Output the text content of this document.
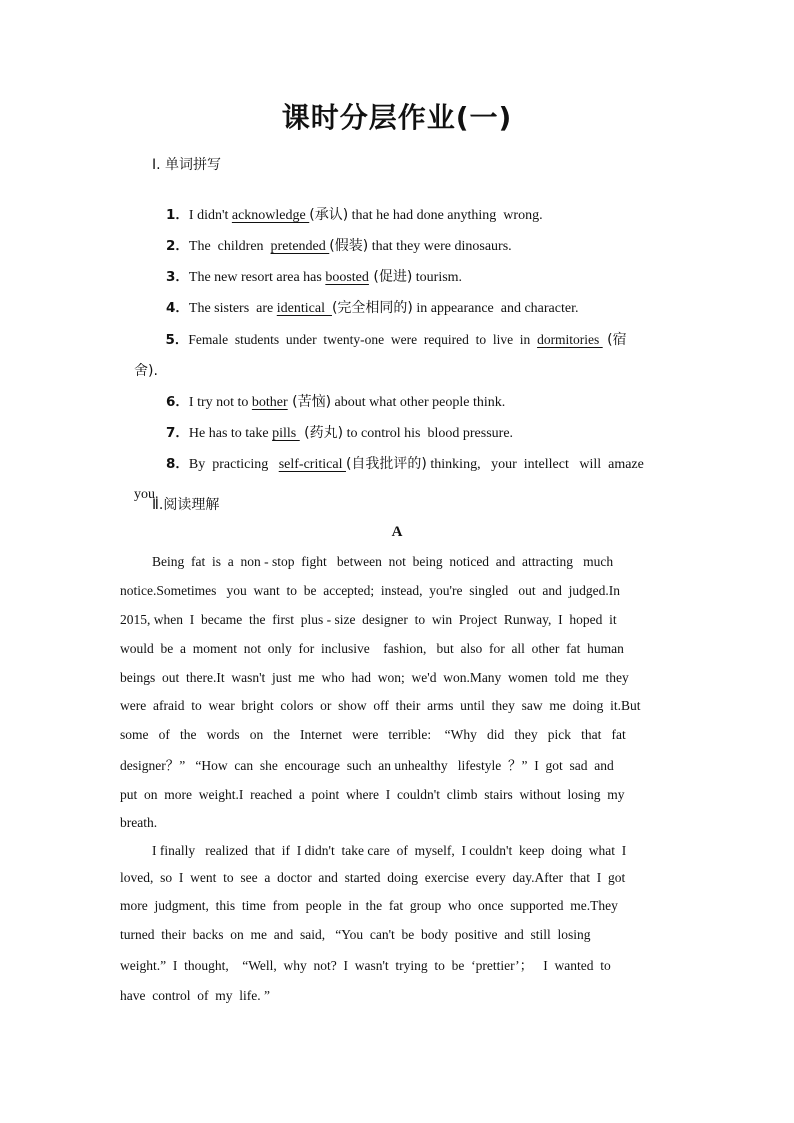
课时分层作业(一)
Ⅰ. 单词拼写

1．I didn't acknowledge (承认) that he had done anything  wrong.

2．The  children  pretended (假装) that they were dinosaurs.

3．The new resort area has boosted (促进) tourism.

4．The sisters  are identical  (完全相同的) in appearance  and character.

5．Female  students  under  twenty-one  were  required  to  live  in  dormitories  (宿

舍).

6．I try not to bother (苦恼) about what other people think.

7．He has to take pills  (药丸) to control his  blood pressure.

8．By  practicing   self-critical (自我批评的) thinking,   your  intellect   will  amaze

you.

Ⅱ.阅读理解
A
Being  fat  is  a  non - stop  fight   between  not  being  noticed  and  attracting   much
notice.Sometimes   you  want  to  be  accepted;  instead,  you're  singled   out  and  judged.In
2015, when  I  became  the  first  plus - size  designer  to  win  Project  Runway,  I  hoped  it
would  be  a  moment  not  only  for  inclusive    fashion,   but  also  for  all  other  fat  human
beings  out  there.It  wasn't  just  me  who  had  won;  we'd  won.Many  women  told  me  they
were  afraid  to  wear  bright  colors  or  show  off  their  arms  until  they  saw  me  doing  it.But
some   of   the   words   on   the   Internet   were   terrible:    “Why   did   they   pick   that   fat
designer？”   “How  can  she  encourage  such  an unhealthy   lifestyle  ？”  I  got  sad  and
put  on  more  weight.I  reached  a  point  where  I  couldn't  climb  stairs  without  losing  my
breath.
I finally   realized  that  if  I didn't  take care  of  myself,  I couldn't  keep  doing  what  I
loved,  so  I  went  to  see  a  doctor  and  started  doing  exercise  every  day.After  that  I  got
more  judgment,  this  time  from  people  in  the  fat  group  who  once  supported  me.They
turned  their  backs  on  me  and  said,   “You  can't  be  body  positive  and  still  losing
weight.”  I  thought,    “Well,  why  not?  I  wasn't  trying  to  be  ‘prettier’；   I  wanted  to
have  control  of  my  life. ”
